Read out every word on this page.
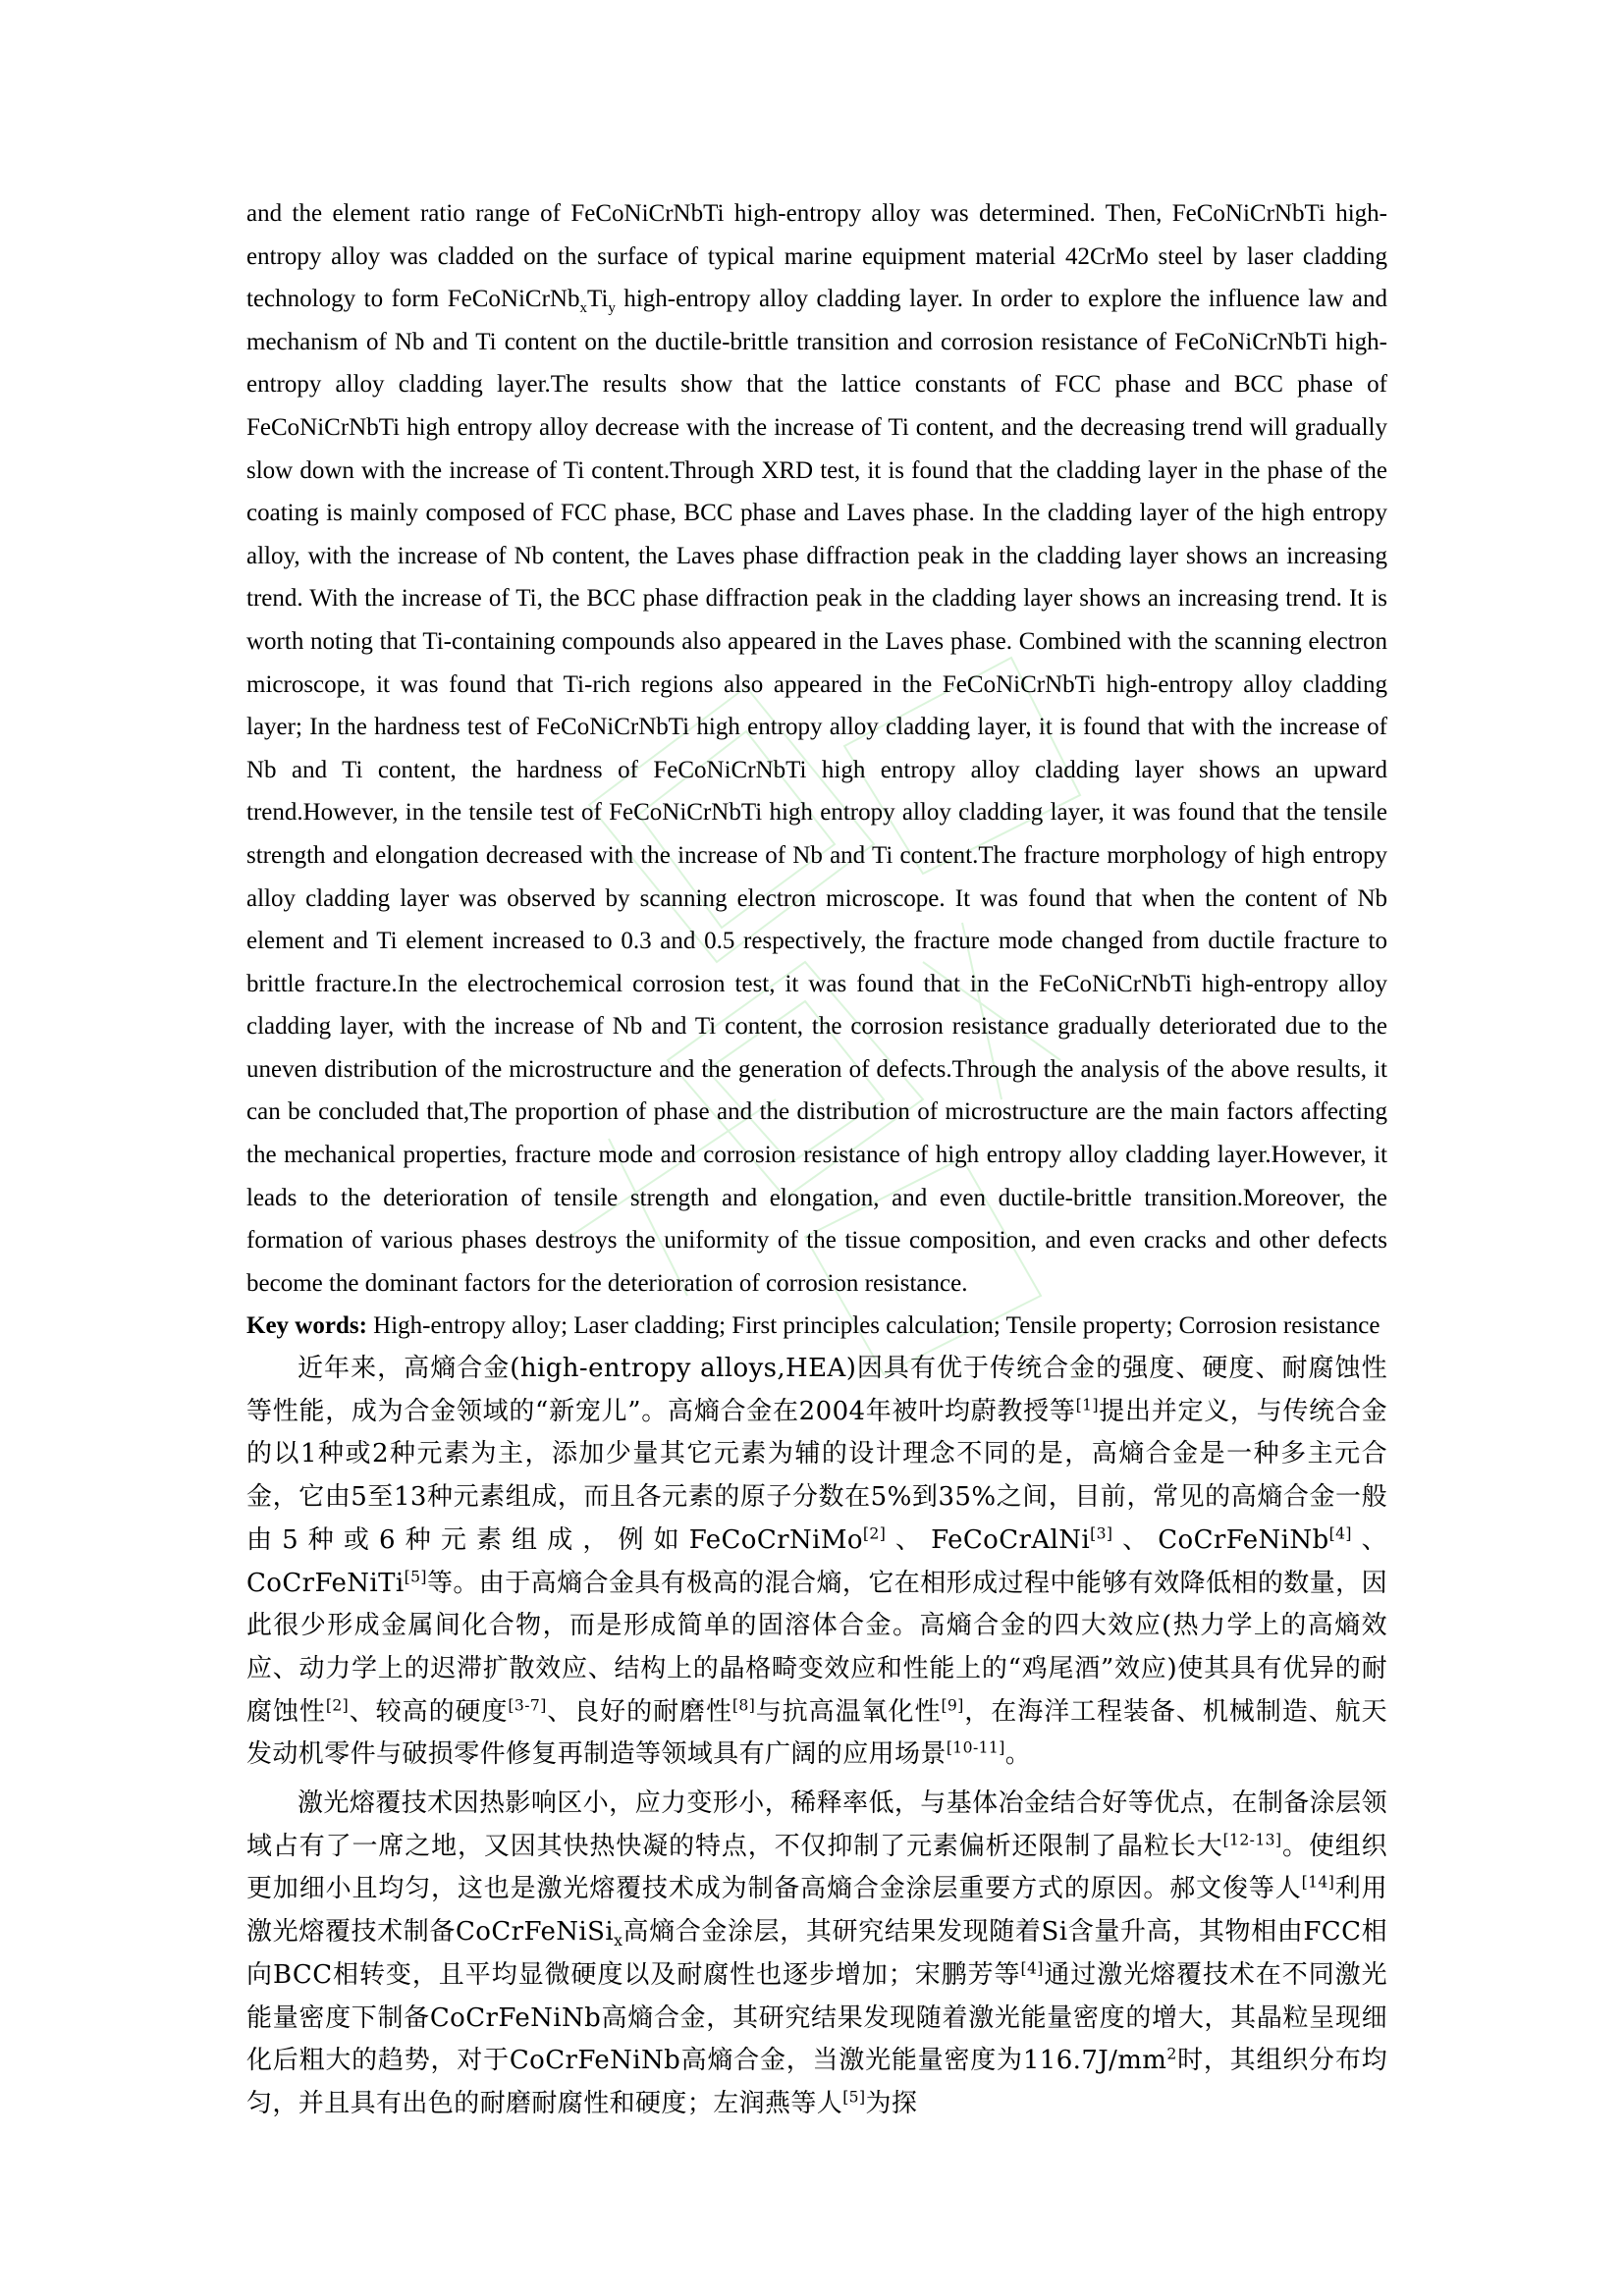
and the element ratio range of FeCoNiCrNbTi high-entropy alloy was determined. Then, FeCoNiCrNbTi high-entropy alloy was cladded on the surface of typical marine equipment material 42CrMo steel by laser cladding technology to form $FeCoNiCrNb_xTi_y$ high-entropy alloy cladding layer. In order to explore the influence law and mechanism of Nb and Ti content on the ductile-brittle transition and corrosion resistance of FeCoNiCrNbTi high-entropy alloy cladding layer.The results show that the lattice constants of FCC phase and BCC phase of FeCoNiCrNbTi high entropy alloy decrease with the increase of Ti content, and the decreasing trend will gradually slow down with the increase of Ti content.Through XRD test, it is found that the cladding layer in the phase of the coating is mainly composed of FCC phase, BCC phase and Laves phase. In the cladding layer of the high entropy alloy, with the increase of Nb content, the Laves phase diffraction peak in the cladding layer shows an increasing trend. With the increase of Ti, the BCC phase diffraction peak in the cladding layer shows an increasing trend. It is worth noting that Ti-containing compounds also appeared in the Laves phase. Combined with the scanning electron microscope, it was found that Ti-rich regions also appeared in the FeCoNiCrNbTi high-entropy alloy cladding layer; In the hardness test of FeCoNiCrNbTi high entropy alloy cladding layer, it is found that with the increase of Nb and Ti content, the hardness of FeCoNiCrNbTi high entropy alloy cladding layer shows an upward trend.However, in the tensile test of FeCoNiCrNbTi high entropy alloy cladding layer, it was found that the tensile strength and elongation decreased with the increase of Nb and Ti content.The fracture morphology of high entropy alloy cladding layer was observed by scanning electron microscope. It was found that when the content of Nb element and Ti element increased to 0.3 and 0.5 respectively, the fracture mode changed from ductile fracture to brittle fracture.In the electrochemical corrosion test, it was found that in the FeCoNiCrNbTi high-entropy alloy cladding layer, with the increase of Nb and Ti content, the corrosion resistance gradually deteriorated due to the uneven distribution of the microstructure and the generation of defects.Through the analysis of the above results, it can be concluded that,The proportion of phase and the distribution of microstructure are the main factors affecting the mechanical properties, fracture mode and corrosion resistance of high entropy alloy cladding layer.However, it leads to the deterioration of tensile strength and elongation, and even ductile-brittle transition.Moreover, the formation of various phases destroys the uniformity of the tissue composition, and even cracks and other defects become the dominant factors for the deterioration of corrosion resistance.

Key words: High-entropy alloy; Laser cladding; First principles calculation; Tensile property; Corrosion resistance

近年来，高熵合金(high-entropy alloys,HEA)因具有优于传统合金的强度、硬度、耐腐蚀性等性能，成为合金领域的“新宠儿”。高熵合金在2004年被叶均蔚教授等[1]提出并定义，与传统合金的以1种或2种元素为主，添加少量其它元素为辅的设计理念不同的是，高熵合金是一种多主元合金，它由5至13种元素组成，而且各元素的原子分数在5%到35%之间，目前，常见的高熵合金一般由5种或6种元素组成，例如FeCoCrNiMo[2]、FeCoCrAlNi[3]、CoCrFeNiNb[4]、CoCrFeNiTi[5]等。由于高熵合金具有极高的混合熵，它在相形成过程中能够有效降低相的数量，因此很少形成金属间化合物，而是形成简单的固溶体合金。高熵合金的四大效应(热力学上的高熵效应、动力学上的迟滞扩散效应、结构上的晶格畸变效应和性能上的“鸡尾酒”效应)使其具有优异的耐腐蚀性[2]、较高的硬度[3-7]、良好的耐磨性[8]与抗高温氧化性[9]，在海洋工程装备、机械制造、航天发动机零件与破损零件修复再制造等领域具有广阔的应用场景[10-11]。

激光熔覆技术因热影响区小，应力变形小，稀释率低，与基体冶金结合好等优点，在制备涂层领域占有了一席之地，又因其快热快凝的特点，不仅抑制了元素偏析还限制了晶粒长大[12-13]。使组织更加细小且均匀，这也是激光熔覆技术成为制备高熵合金涂层重要方式的原因。郝文俊等人[14]利用激光熔覆技术制备CoCrFeNiSi$_x$高熵合金涂层，其研究结果发现随着Si含量升高，其物相由FCC相向BCC相转变，且平均显微硬度以及耐腐性也逐步增加；宋鹏芳等[4]通过激光熔覆技术在不同激光能量密度下制备CoCrFeNiNb高熵合金，其研究结果发现随着激光能量密度的增大，其晶粒呈现细化后粗大的趋势，对于CoCrFeNiNb高熵合金，当激光能量密度为$116.7J/mm^2$时，其组织分布均匀，并且具有出色的耐磨耐腐性和硬度；左润燕等人[5]为探
